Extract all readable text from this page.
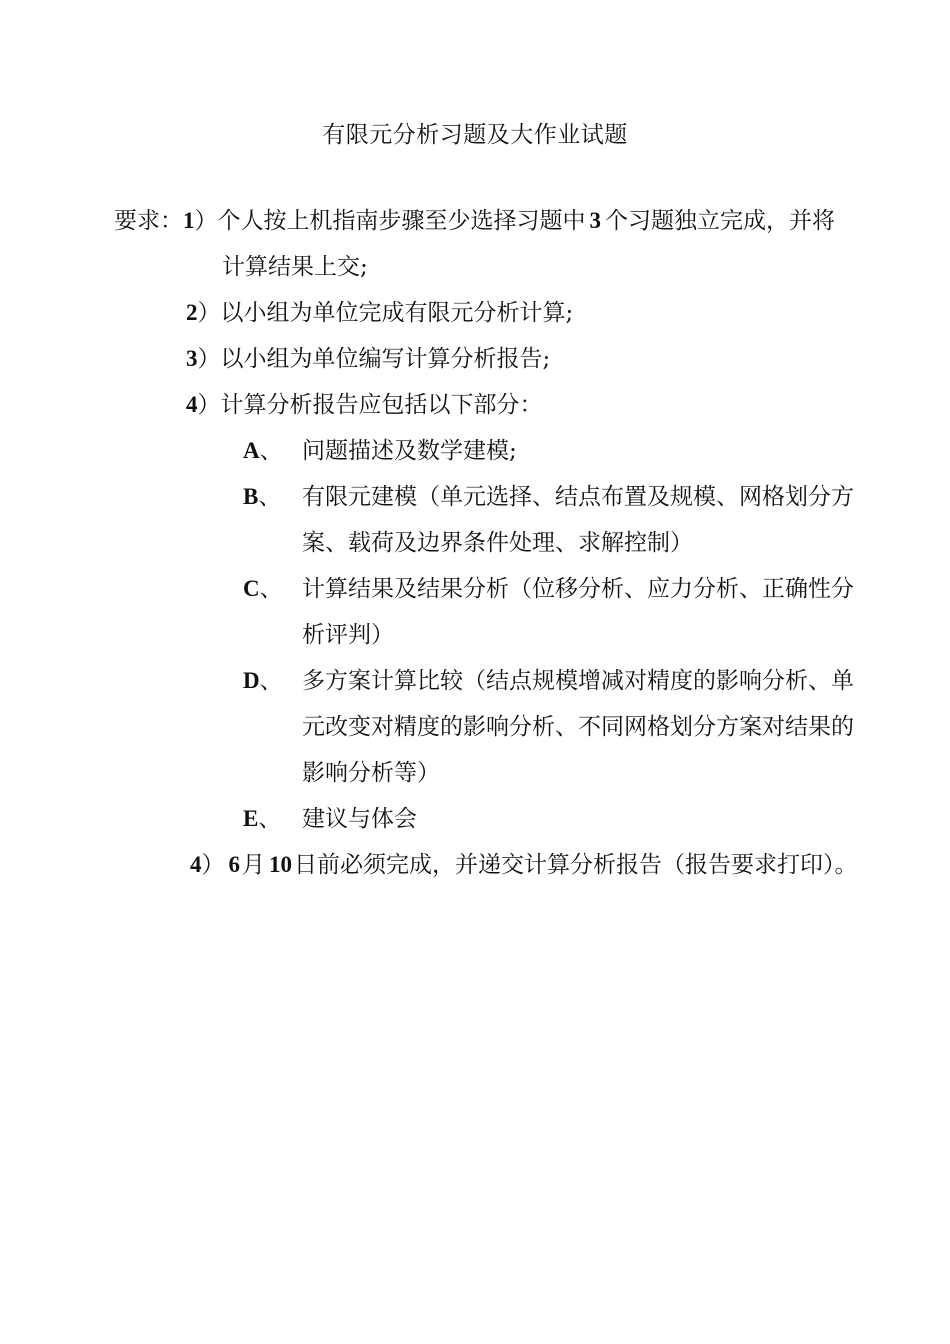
有限元分析习题及大作业试题
要求：1）个人按上机指南步骤至少选择习题中 3 个习题独立完成，并将
计算结果上交;
2）以小组为单位完成有限元分析计算;
3）以小组为单位编写计算分析报告;
4）计算分析报告应包括以下部分：
A、 问题描述及数学建模;
B、 有限元建模（单元选择、结点布置及规模、网格划分方
案、载荷及边界条件处理、求解控制）
C、 计算结果及结果分析（位移分析、应力分析、正确性分
析评判）
D、 多方案计算比较（结点规模增减对精度的影响分析、单
元改变对精度的影响分析、不同网格划分方案对结果的
影响分析等）
E、 建议与体会
4） 6月 10日前必须完成，并递交计算分析报告（报告要求打印）。
